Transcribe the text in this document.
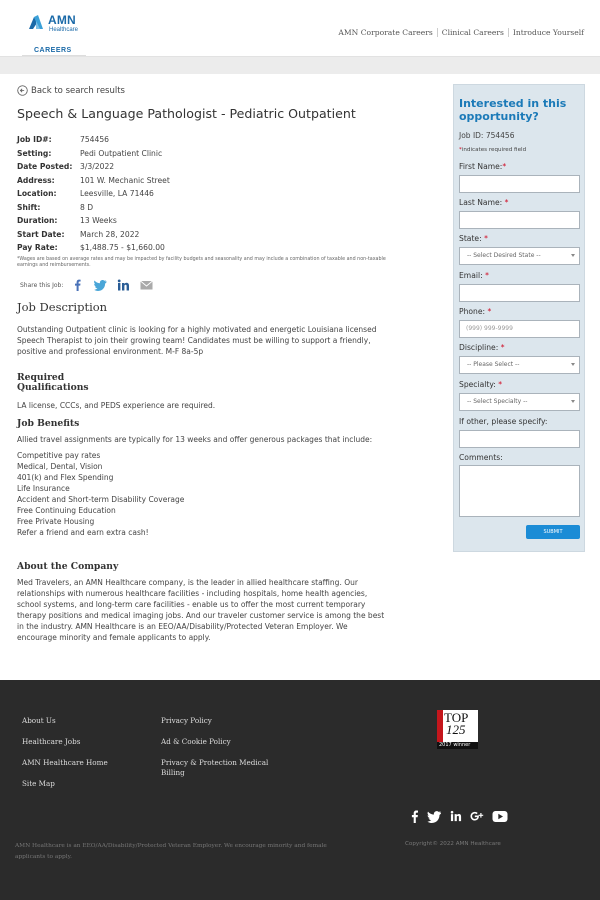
AMN
Healthcare
CAREERS
AMN Corporate Careers	Clinical Careers	Introduce Yourself
Back to search results
Speech & Language Pathologist - Pediatric Outpatient
Job ID#:	754456
Setting:	Pedi Outpatient Clinic
Date Posted: 3/3/2022
Address:	101 W. Mechanic Street
Location:	Leesville, LA 71446
Shift:	8 D
Duration:	13 Weeks
Start Date:	March 28, 2022
Pay Rate:	$1,488.75 - $1,660.00

*Wages are based on average rates and may be impacted by facility budgets and seasonality and may include a combination of taxable and non-taxable earnings and reimbursements.

Share this Job:
Job Description

Outstanding Outpatient clinic is looking for a highly motivated and energetic Louisiana licensed Speech Therapist to join their growing team! Candidates must be willing to support a friendly, positive and professional environment. M-F 8a-5p

Required
Qualifications

LA license, CCCs, and PEDS experience are required.

Job Benefits

Allied travel assignments are typically for 13 weeks and offer generous packages that include:

Competitive pay rates

Medical, Dental, Vision

401(k) and Flex Spending

Life Insurance

Accident and Short-term Disability Coverage

Free Continuing Education

Free Private Housing

Refer a friend and earn extra cash!

About the Company

Med Travelers, an AMN Healthcare company, is the leader in allied healthcare staffing. Our relationships with numerous healthcare facilities - including hospitals, home health agencies, school systems, and long-term care facilities - enable us to offer the most current temporary therapy positions and medical imaging jobs. And our traveler customer service is among the best in the industry. AMN Healthcare is an EEO/AA/Disability/Protected Veteran Employer. We encourage minority and female applicants to apply.

Interested in this opportunity?
Job ID: 754456
*indicates required field
First Name:*
Last Name: *
State: *
-- Select Desired State --
Email: *
Phone: *
(999) 999-9999
Discipline: *
-- Please Select --
Specialty: *
-- Select Specialty --
If other, please specify:
Comments:
SUBMIT
About Us
Healthcare Jobs
AMN Healthcare Home
Site Map
Privacy Policy
Ad & Cookie Policy
Privacy & Protection Medical Billing
TOP
125
2017 winner
AMN Healthcare is an EEO/AA/Disability/Protected Veteran Employer. We encourage minority and female applicants to apply.
Copyright© 2022 AMN Healthcare
